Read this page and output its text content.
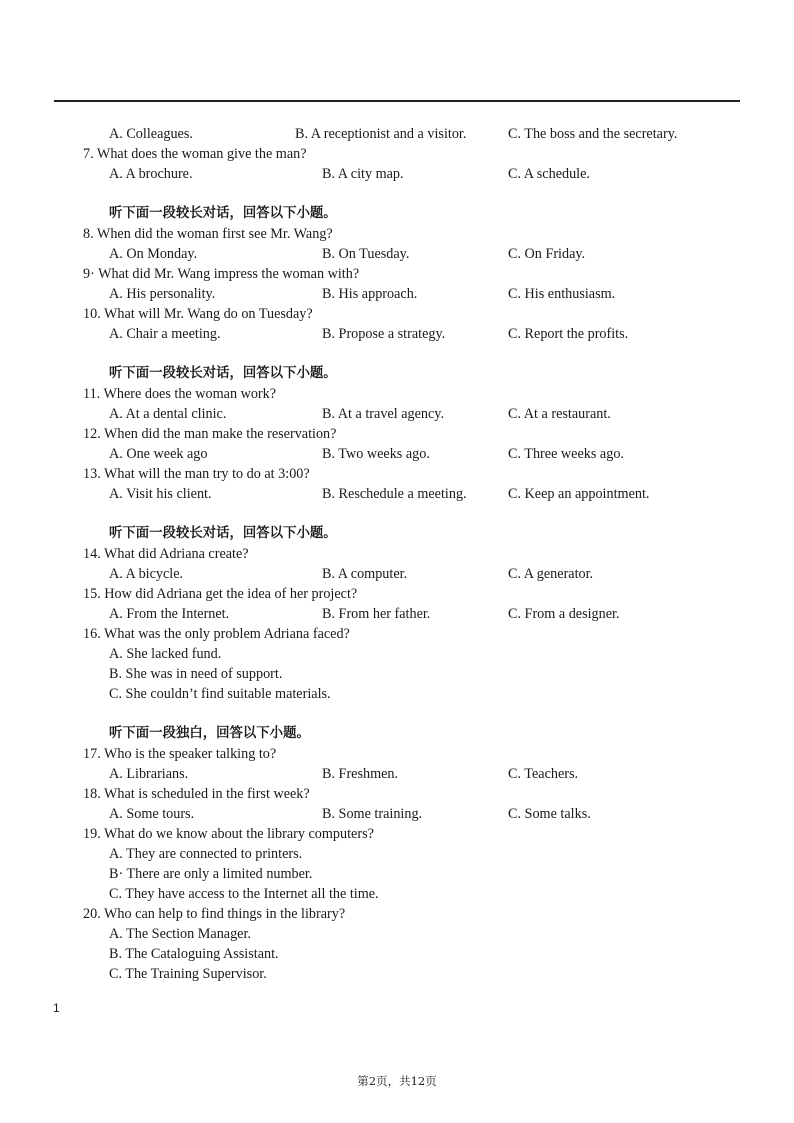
A. Colleagues.	B. A receptionist and a visitor.	C. The boss and the secretary.
7. What does the woman give the man?
A. A brochure.	B. A city map.	C. A schedule.
听下面一段较长对话，回答以下小题。
8. When did the woman first see Mr. Wang?
A. On Monday.	B. On Tuesday.	C. On Friday.
9· What did Mr. Wang impress the woman with?
A. His personality.	B. His approach.	C. His enthusiasm.
10. What will Mr. Wang do on Tuesday?
A. Chair a meeting.	B. Propose a strategy.	C. Report the profits.
听下面一段较长对话，回答以下小题。
11. Where does the woman work?
A. At a dental clinic.	B. At a travel agency.	C. At a restaurant.
12. When did the man make the reservation?
A. One week ago	B. Two weeks ago.	C. Three weeks ago.
13. What will the man try to do at 3:00?
A. Visit his client.	B. Reschedule a meeting.	C. Keep an appointment.
听下面一段较长对话，回答以下小题。
14. What did Adriana create?
A. A bicycle.	B. A computer.	C. A generator.
15. How did Adriana get the idea of her project?
A. From the Internet.	B. From her father.	C. From a designer.
16. What was the only problem Adriana faced?
A. She lacked fund.
B. She was in need of support.
C. She couldn’t find suitable materials.
听下面一段独白，回答以下小题。
17. Who is the speaker talking to?
A. Librarians.	B. Freshmen.	C. Teachers.
18. What is scheduled in the first week?
A. Some tours.	B. Some training.	C. Some talks.
19. What do we know about the library computers?
A. They are connected to printers.
B· There are only a limited number.
C. They have access to the Internet all the time.
20. Who can help to find things in the library?
A. The Section Manager.
B. The Cataloguing Assistant.
C. The Training Supervisor.
1
第2页，共12页
